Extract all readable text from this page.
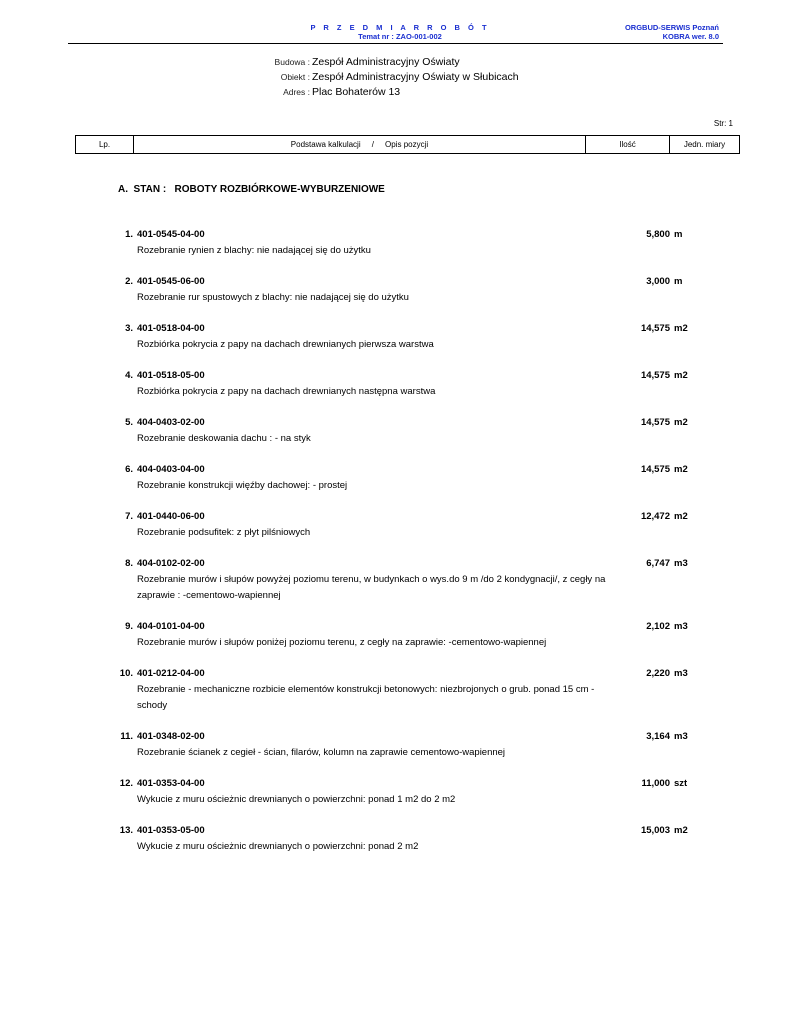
P R Z E D M I A R R O B Ó T
Temat nr : ZAO-001-002
ORGBUD-SERWIS Poznań
KOBRA wer. 8.0
Budowa : Zespół Administracyjny Oświaty
Obiekt : Zespół Administracyjny Oświaty w Słubicach
Adres : Plac Bohaterów 13
Str: 1
Lp.	Podstawa kalkulacji     /     Opis pozycji	Ilość	Jedn. miary
A.  STAN :   ROBOTY ROZBIÓRKOWE-WYBURZENIOWE
1. 401-0545-04-00
Rozebranie rynien z blachy: nie nadającej się do użytku
5,800 m
2. 401-0545-06-00
Rozebranie rur spustowych z blachy: nie nadającej się do użytku
3,000 m
3. 401-0518-04-00
Rozbiórka pokrycia z papy na dachach drewnianych pierwsza warstwa
14,575 m2
4. 401-0518-05-00
Rozbiórka pokrycia z papy na dachach drewnianych następna warstwa
14,575 m2
5. 404-0403-02-00
Rozebranie deskowania dachu : - na styk
14,575 m2
6. 404-0403-04-00
Rozebranie konstrukcji więźby dachowej: - prostej
14,575 m2
7. 401-0440-06-00
Rozebranie podsufitek: z płyt pilśniowych
12,472 m2
8. 404-0102-02-00
Rozebranie murów i słupów powyżej poziomu terenu, w budynkach o wys.do 9 m /do 2 kondygnacji/, z cegły na zaprawie : -cementowo-wapiennej
6,747 m3
9. 404-0101-04-00
Rozebranie murów i słupów poniżej poziomu terenu, z cegły na zaprawie: -cementowo-wapiennej
2,102 m3
10. 401-0212-04-00
Rozebranie - mechaniczne rozbicie elementów konstrukcji betonowych: niezbrojonych o grub. ponad 15 cm -schody
2,220 m3
11. 401-0348-02-00
Rozebranie ścianek z cegieł - ścian, filarów, kolumn na zaprawie cementowo-wapiennej
3,164 m3
12. 401-0353-04-00
Wykucie z muru ościeżnic drewnianych o powierzchni: ponad 1 m2 do 2 m2
11,000 szt
13. 401-0353-05-00
Wykucie z muru ościeżnic drewnianych o powierzchni: ponad 2 m2
15,003 m2
